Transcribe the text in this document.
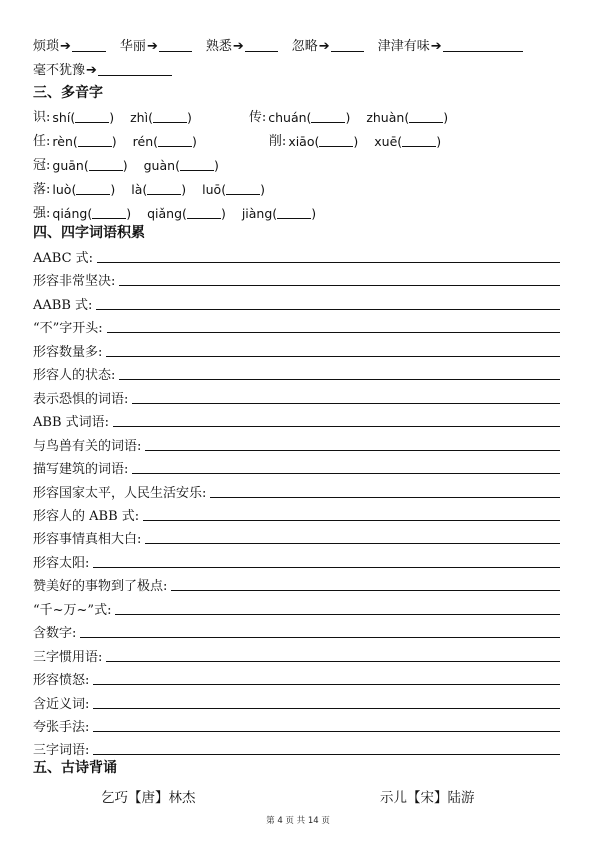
烦琐 ➔	华丽 ➔	熟悉 ➔	忽略 ➔	津津有味 ➔
毫不犹豫 ➔
三、多音字
识: shí (	) zhì (	)	传: chuán (	) zhuàn (	)
任: rèn (	) rén (	)	削: xiāo (	) xuē (	)
冠: guān (	) guàn (	)
落: luò (	) là (	) luō (	)
强: qiáng (	) qiǎng (	) jiàng (	)
四、四字词语积累
AABC 式:
形容非常坚决:
AABB 式:
“不”字开头:
形容数量多:
形容人的状态:
表示恐惧的词语:
ABB 式词语:
与鸟兽有关的词语:
描写建筑的词语:
形容国家太平，人民生活安乐:
形容人的 ABB 式:
形容事情真相大白:
形容太阳:
赞美好的事物到了极点:
“千~万~”式:
含数字:
三字惯用语:
形容愤怒:
含近义词:
夸张手法:
三字词语:
五、古诗背诵
乞巧【唐】林杰	示儿【宋】陆游
第 4 页 共 14 页
